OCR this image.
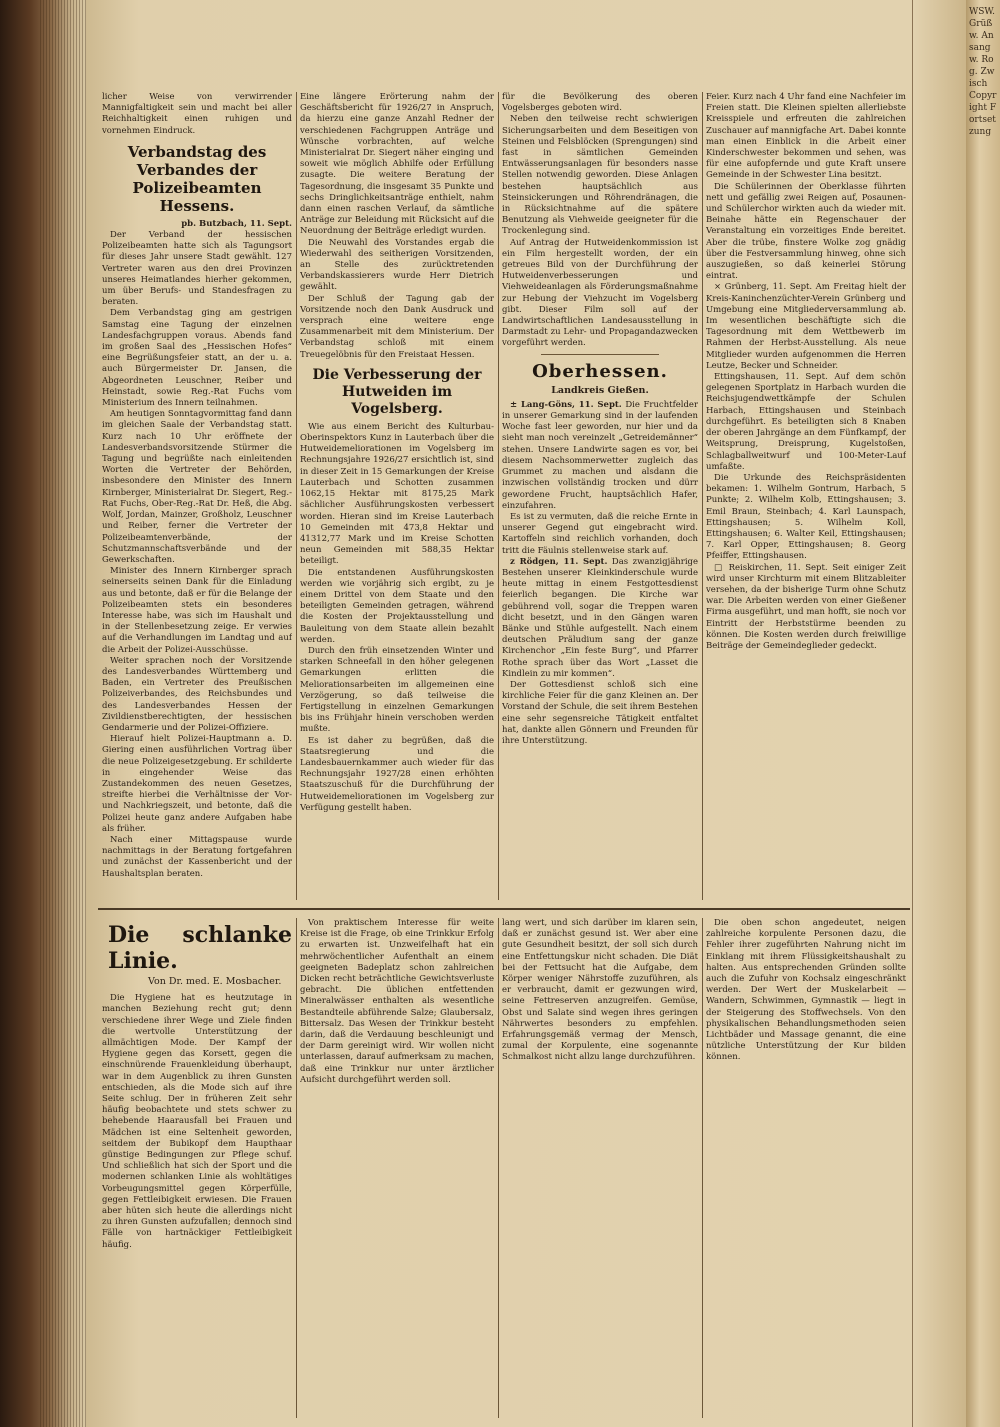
licher Weise von verwirrender Mannigfaltigkeit sein und macht bei aller Reichhaltigkeit einen ruhigen und vornehmen Eindruck.

Verbandstag des Verbandes der Polizeibeamten Hessens.

pb. Butzbach, 11. Sept.

Der Verband der hessischen Polizeibeamten hatte sich als Tagungsort für dieses Jahr unsere Stadt gewählt. 127 Vertreter waren aus den drei Provinzen unseres Heimatlandes hierher gekommen, um über Berufs- und Standesfragen zu beraten.

Dem Verbandstag ging am gestrigen Samstag eine Tagung der einzelnen Landesfachgruppen voraus. Abends fand im großen Saal des „Hessischen Hofes“ eine Begrüßungsfeier statt, an der u. a. auch Bürgermeister Dr. Jansen, die Abgeordneten Leuschner, Reiber und Heinstadt, sowie Reg.-Rat Fuchs vom Ministerium des Innern teilnahmen.

Am heutigen Sonntagvormittag fand dann im gleichen Saale der Verbandstag statt. Kurz nach 10 Uhr eröffnete der Landesverbandsvorsitzende Stürmer die Tagung und begrüßte nach einleitenden Worten die Vertreter der Behörden, insbesondere den Minister des Innern Kirnberger, Ministerialrat Dr. Siegert, Reg.-Rat Fuchs, Ober-Reg.-Rat Dr. Heß, die Abg. Wolf, Jordan, Mainzer, Großholz, Leuschner und Reiber, ferner die Vertreter der Polizeibeamtenverbände, der Schutzmannschaftsverbände und der Gewerkschaften.

Minister des Innern Kirnberger sprach seinerseits seinen Dank für die Einladung aus und betonte, daß er für die Belange der Polizeibeamten stets ein besonderes Interesse habe, was sich im Haushalt und in der Stellenbesetzung zeige. Er verwies auf die Verhandlungen im Landtag und auf die Arbeit der Polizei-Ausschüsse.

Weiter sprachen noch der Vorsitzende des Landesverbandes Württemberg und Baden, ein Vertreter des Preußischen Polizeiverbandes, des Reichsbundes und des Landesverbandes Hessen der Zivildienstberechtigten, der hessischen Gendarmerie und der Polizei-Offiziere.

Hierauf hielt Polizei-Hauptmann a. D. Giering einen ausführlichen Vortrag über die neue Polizeigesetzgebung. Er schilderte in eingehender Weise das Zustandekommen des neuen Gesetzes, streifte hierbei die Verhältnisse der Vor- und Nachkriegszeit, und betonte, daß die Polizei heute ganz andere Aufgaben habe als früher.

Nach einer Mittagspause wurde nachmittags in der Beratung fortgefahren und zunächst der Kassenbericht und der Haushaltsplan beraten.

Eine längere Erörterung nahm der Geschäftsbericht für 1926/27 in Anspruch, da hierzu eine ganze Anzahl Redner der verschiedenen Fachgruppen Anträge und Wünsche vorbrachten, auf welche Ministerialrat Dr. Siegert näher einging und soweit wie möglich Abhilfe oder Erfüllung zusagte. Die weitere Beratung der Tagesordnung, die insgesamt 35 Punkte und sechs Dringlichkeitsanträge enthielt, nahm dann einen raschen Verlauf, da sämtliche Anträge zur Beleidung mit Rücksicht auf die Neuordnung der Beiträge erledigt wurden.

Die Neuwahl des Vorstandes ergab die Wiederwahl des seitherigen Vorsitzenden, an Stelle des zurücktretenden Verbandskassierers wurde Herr Dietrich gewählt.

Der Schluß der Tagung gab der Vorsitzende noch den Dank Ausdruck und versprach eine weitere enge Zusammenarbeit mit dem Ministerium. Der Verbandstag schloß mit einem Treuegelöbnis für den Freistaat Hessen.

Die Verbesserung der Hutweiden im Vogelsberg.

Wie aus einem Bericht des Kulturbau-Oberinspektors Kunz in Lauterbach über die Hutweidemeliorationen im Vogelsberg im Rechnungsjahre 1926/27 ersichtlich ist, sind in dieser Zeit in 15 Gemarkungen der Kreise Lauterbach und Schotten zusammen 1062,15 Hektar mit 8175,25 Mark sächlicher Ausführungskosten verbessert worden. Hieran sind im Kreise Lauterbach 10 Gemeinden mit 473,8 Hektar und 41312,77 Mark und im Kreise Schotten neun Gemeinden mit 588,35 Hektar beteiligt.

Die entstandenen Ausführungskosten werden wie vorjährig sich ergibt, zu je einem Drittel von dem Staate und den beteiligten Gemeinden getragen, während die Kosten der Projektausstellung und Bauleitung von dem Staate allein bezahlt werden.

Durch den früh einsetzenden Winter und starken Schneefall in den höher gelegenen Gemarkungen erlitten die Meliorationsarbeiten im allgemeinen eine Verzögerung, so daß teilweise die Fertigstellung in einzelnen Gemarkungen bis ins Frühjahr hinein verschoben werden mußte.

Es ist daher zu begrüßen, daß die Staatsregierung und die Landesbauernkammer auch wieder für das Rechnungsjahr 1927/28 einen erhöhten Staatszuschuß für die Durchführung der Hutweidemeliorationen im Vogelsberg zur Verfügung gestellt haben.

für die Bevölkerung des oberen Vogelsberges geboten wird.

Neben den teilweise recht schwierigen Sicherungsarbeiten und dem Beseitigen von Steinen und Felsblöcken (Sprengungen) sind fast in sämtlichen Gemeinden Entwässerungsanlagen für besonders nasse Stellen notwendig geworden. Diese Anlagen bestehen hauptsächlich aus Steinsickerungen und Röhrendränagen, die in Rücksichtnahme auf die spätere Benutzung als Viehweide geeigneter für die Trockenlegung sind.

Auf Antrag der Hutweidenkommission ist ein Film hergestellt worden, der ein getreues Bild von der Durchführung der Hutweidenverbesserungen und Viehweideanlagen als Förderungsmaßnahme zur Hebung der Viehzucht im Vogelsberg gibt. Dieser Film soll auf der Landwirtschaftlichen Landesausstellung in Darmstadt zu Lehr- und Propagandazwecken vorgeführt werden.

Oberhessen.
Landkreis Gießen.

± Lang-Göns, 11. Sept. Die Fruchtfelder in unserer Gemarkung sind in der laufenden Woche fast leer geworden, nur hier und da sieht man noch vereinzelt „Getreidemänner“ stehen. Unsere Landwirte sagen es vor, bei diesem Nachsommerwetter zugleich das Grummet zu machen und alsdann die inzwischen vollständig trocken und dürr gewordene Frucht, hauptsächlich Hafer, einzufahren.

Es ist zu vermuten, daß die reiche Ernte in unserer Gegend gut eingebracht wird. Kartoffeln sind reichlich vorhanden, doch tritt die Fäulnis stellenweise stark auf.

z Rödgen, 11. Sept. Das zwanzigjährige Bestehen unserer Kleinkinderschule wurde heute mittag in einem Festgottesdienst feierlich begangen. Die Kirche war gebührend voll, sogar die Treppen waren dicht besetzt, und in den Gängen waren Bänke und Stühle aufgestellt. Nach einem deutschen Präludium sang der ganze Kirchenchor „Ein feste Burg“, und Pfarrer Rothe sprach über das Wort „Lasset die Kindlein zu mir kommen“.

Der Gottesdienst schloß sich eine kirchliche Feier für die ganz Kleinen an. Der Vorstand der Schule, die seit ihrem Bestehen eine sehr segensreiche Tätigkeit entfaltet hat, dankte allen Gönnern und Freunden für ihre Unterstützung.

Feier. Kurz nach 4 Uhr fand eine Nachfeier im Freien statt. Die Kleinen spielten allerliebste Kreisspiele und erfreuten die zahlreichen Zuschauer auf mannigfache Art. Dabei konnte man einen Einblick in die Arbeit einer Kinderschwester bekommen und sehen, was für eine aufopfernde und gute Kraft unsere Gemeinde in der Schwester Lina besitzt.

Die Schülerinnen der Oberklasse führten nett und gefällig zwei Reigen auf, Posaunen- und Schülerchor wirkten auch da wieder mit. Beinahe hätte ein Regenschauer der Veranstaltung ein vorzeitiges Ende bereitet. Aber die trübe, finstere Wolke zog gnädig über die Festversammlung hinweg, ohne sich auszugießen, so daß keinerlei Störung eintrat.

× Grünberg, 11. Sept. Am Freitag hielt der Kreis-Kaninchenzüchter-Verein Grünberg und Umgebung eine Mitgliederversammlung ab. Im wesentlichen beschäftigte sich die Tagesordnung mit dem Wettbewerb im Rahmen der Herbst-Ausstellung. Als neue Mitglieder wurden aufgenommen die Herren Leutze, Becker und Schneider.

Ettingshausen, 11. Sept. Auf dem schön gelegenen Sportplatz in Harbach wurden die Reichsjugendwettkämpfe der Schulen Harbach, Ettingshausen und Steinbach durchgeführt. Es beteiligten sich 8 Knaben der oberen Jahrgänge an dem Fünfkampf, der Weitsprung, Dreisprung, Kugelstoßen, Schlagballweitwurf und 100-Meter-Lauf umfaßte.

Die Urkunde des Reichspräsidenten bekamen: 1. Wilhelm Gontrum, Harbach, 5 Punkte; 2. Wilhelm Kolb, Ettingshausen; 3. Emil Braun, Steinbach; 4. Karl Launspach, Ettingshausen; 5. Wilhelm Koll, Ettingshausen; 6. Walter Keil, Ettingshausen; 7. Karl Opper, Ettingshausen; 8. Georg Pfeiffer, Ettingshausen.

□ Reiskirchen, 11. Sept. Seit einiger Zeit wird unser Kirchturm mit einem Blitzableiter versehen, da der bisherige Turm ohne Schutz war. Die Arbeiten werden von einer Gießener Firma ausgeführt, und man hofft, sie noch vor Eintritt der Herbststürme beenden zu können. Die Kosten werden durch freiwillige Beiträge der Gemeindeglieder gedeckt.

Die schlanke Linie.
Von Dr. med. E. Mosbacher.

Die Hygiene hat es heutzutage in manchen Beziehung recht gut; denn verschiedene ihrer Wege und Ziele finden die wertvolle Unterstützung der allmächtigen Mode. Der Kampf der Hygiene gegen das Korsett, gegen die einschnürende Frauenkleidung überhaupt, war in dem Augenblick zu ihren Gunsten entschieden, als die Mode sich auf ihre Seite schlug. Der in früheren Zeit sehr häufig beobachtete und stets schwer zu behebende Haarausfall bei Frauen und Mädchen ist eine Seltenheit geworden, seitdem der Bubikopf dem Haupthaar günstige Bedingungen zur Pflege schuf. Und schließlich hat sich der Sport und die modernen schlanken Linie als wohltätiges Vorbeugungsmittel gegen Körperfülle, gegen Fettleibigkeit erwiesen. Die Frauen aber hüten sich heute die allerdings nicht zu ihren Gunsten aufzufallen; dennoch sind Fälle von hartnäckiger Fettleibigkeit häufig.

Von praktischem Interesse für weite Kreise ist die Frage, ob eine Trinkkur Erfolg zu erwarten ist. Unzweifelhaft hat ein mehrwöchentlicher Aufenthalt an einem geeigneten Badeplatz schon zahlreichen Dicken recht beträchtliche Gewichtsverluste gebracht. Die üblichen entfettenden Mineralwässer enthalten als wesentliche Bestandteile abführende Salze; Glaubersalz, Bittersalz. Das Wesen der Trinkkur besteht darin, daß die Verdauung beschleunigt und der Darm gereinigt wird. Wir wollen nicht unterlassen, darauf aufmerksam zu machen, daß eine Trinkkur nur unter ärztlicher Aufsicht durchgeführt werden soll.

lang wert, und sich darüber im klaren sein, daß er zunächst gesund ist. Wer aber eine gute Gesundheit besitzt, der soll sich durch eine Entfettungskur nicht schaden. Die Diät bei der Fettsucht hat die Aufgabe, dem Körper weniger Nährstoffe zuzuführen, als er verbraucht, damit er gezwungen wird, seine Fettreserven anzugreifen. Gemüse, Obst und Salate sind wegen ihres geringen Nährwertes besonders zu empfehlen. Erfahrungsgemäß vermag der Mensch, zumal der Korpulente, eine sogenannte Schmalkost nicht allzu lange durchzuführen.

Die oben schon angedeutet, neigen zahlreiche korpulente Personen dazu, die Fehler ihrer zugeführten Nahrung nicht im Einklang mit ihrem Flüssigkeitshaushalt zu halten. Aus entsprechenden Gründen sollte auch die Zufuhr von Kochsalz eingeschränkt werden. Der Wert der Muskelarbeit — Wandern, Schwimmen, Gymnastik — liegt in der Steigerung des Stoffwechsels. Von den physikalischen Behandlungsmethoden seien Lichtbäder und Massage genannt, die eine nützliche Unterstützung der Kur bilden können.

WSW. Grüßw. Ansang w. Rog. Zwisch Copyright Fortsetzung
